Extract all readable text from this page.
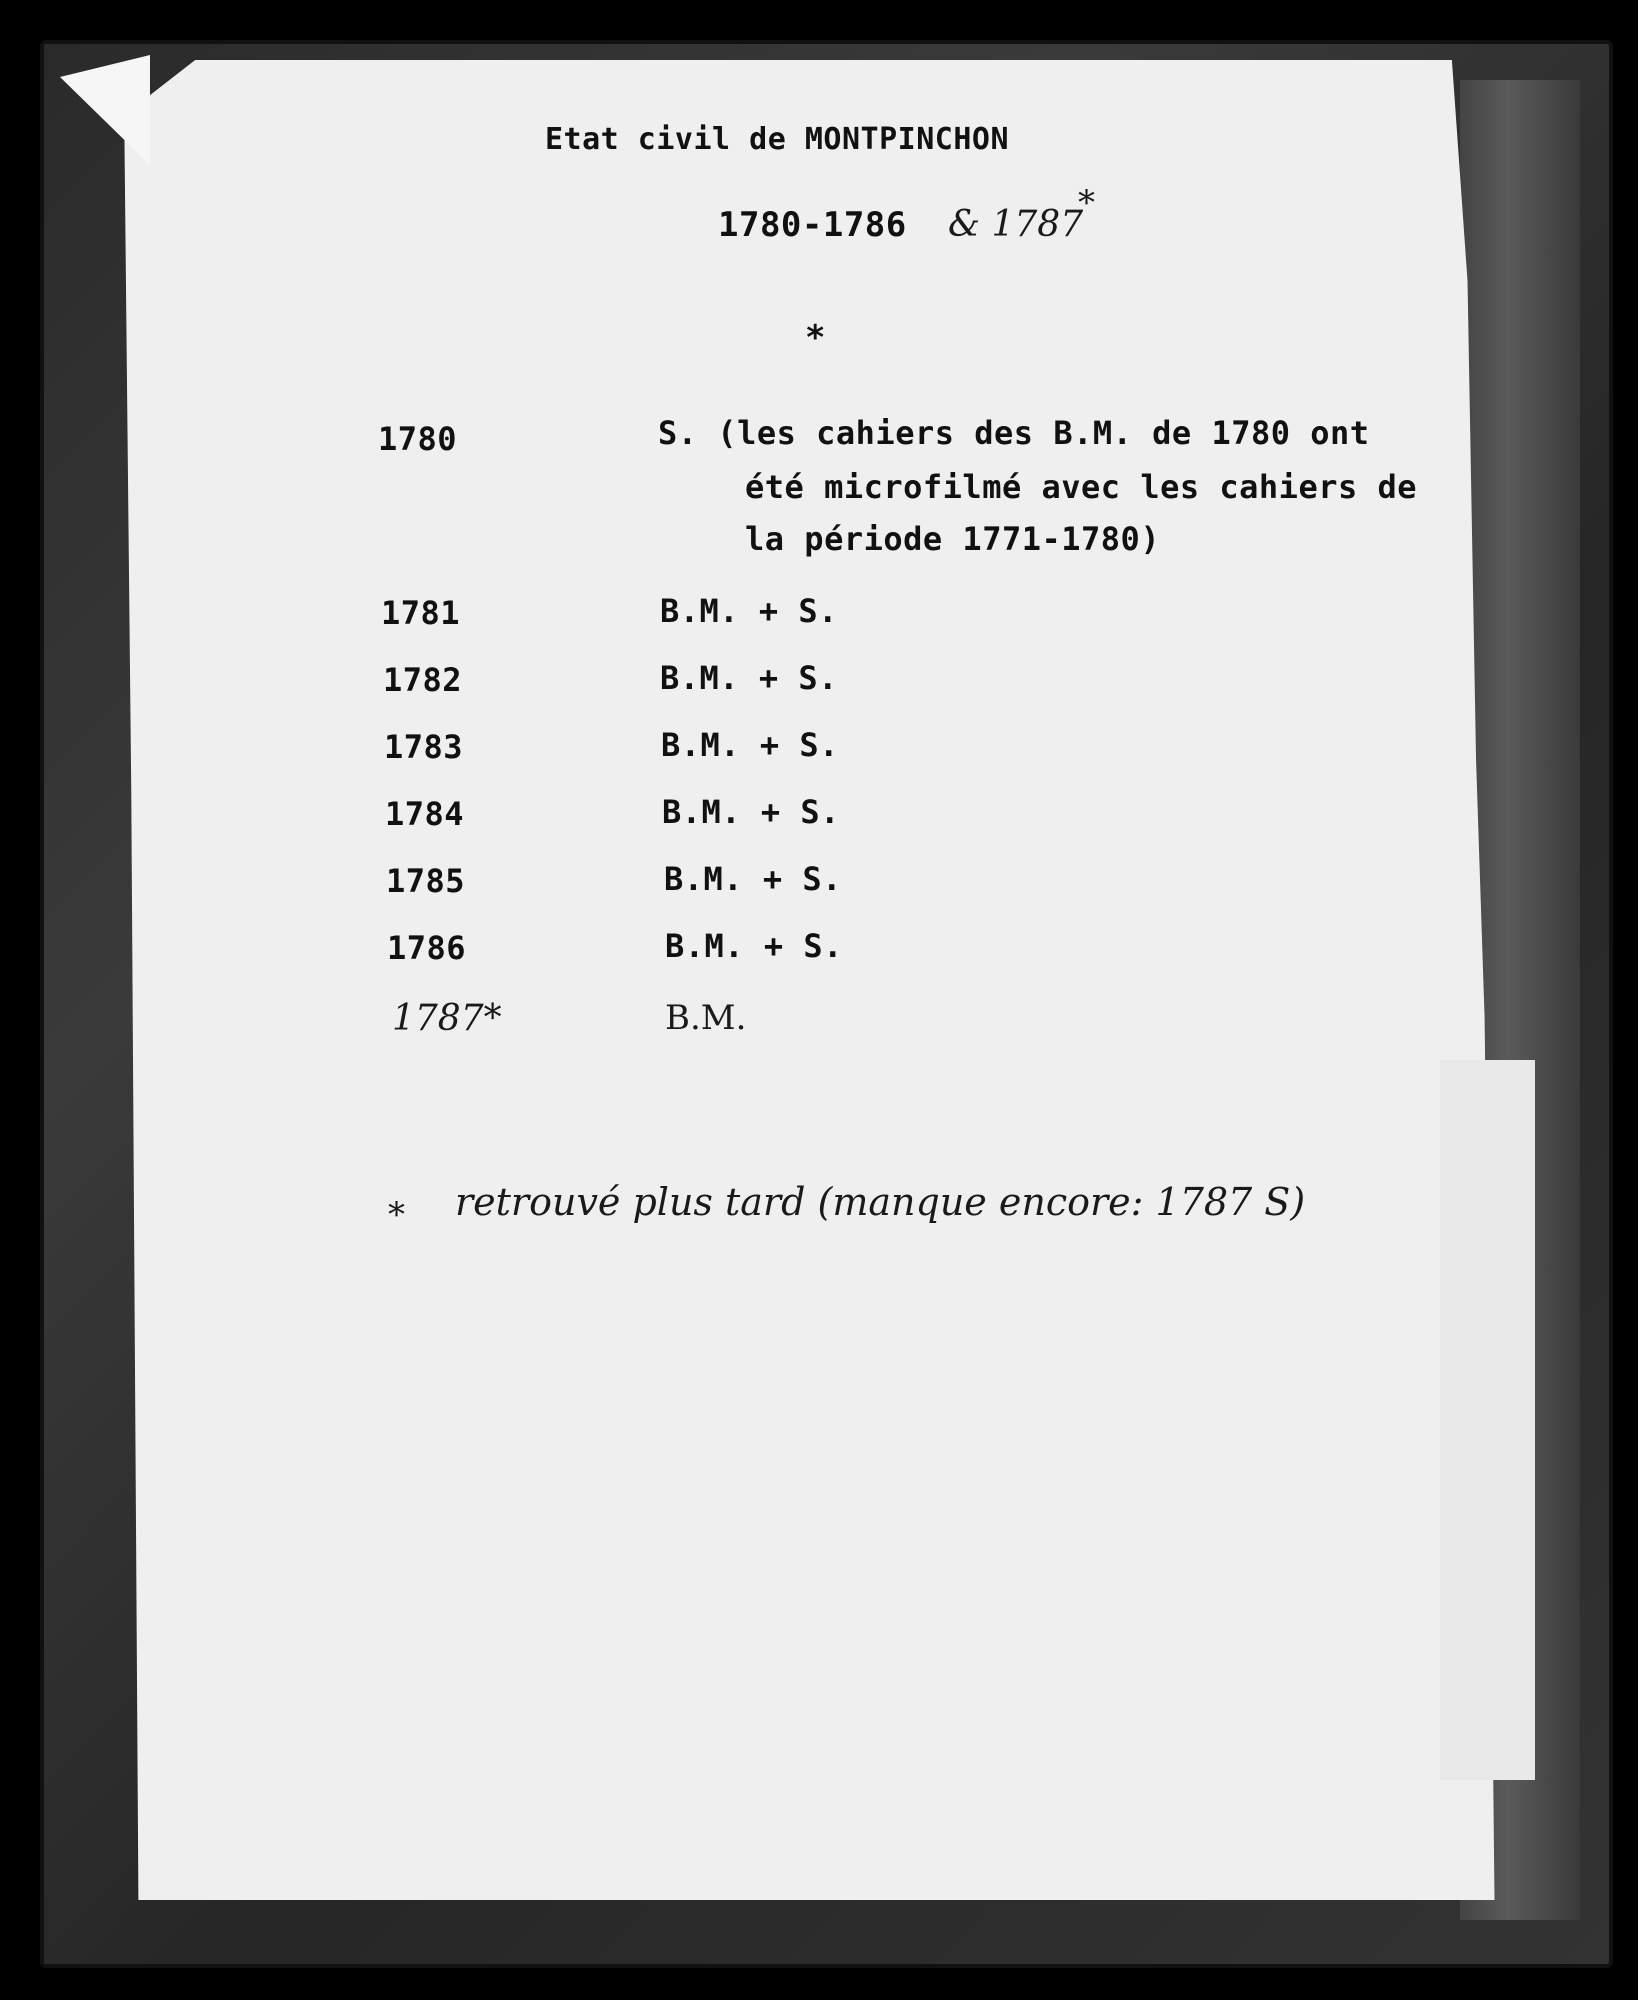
Etat civil de MONTPINCHON
1780-1786 & 1787
*
*
1780	S. (les cahiers des B.M. de 1780 ont
été microfilmé avec les cahiers de
la période 1771-1780)
1781	B.M. + S.
1782	B.M. + S.
1783	B.M. + S.
1784	B.M. + S.
1785	B.M. + S.
1786	B.M. + S.
1787*	B.M.
* retrouvé plus tard (manque encore: 1787 S)
